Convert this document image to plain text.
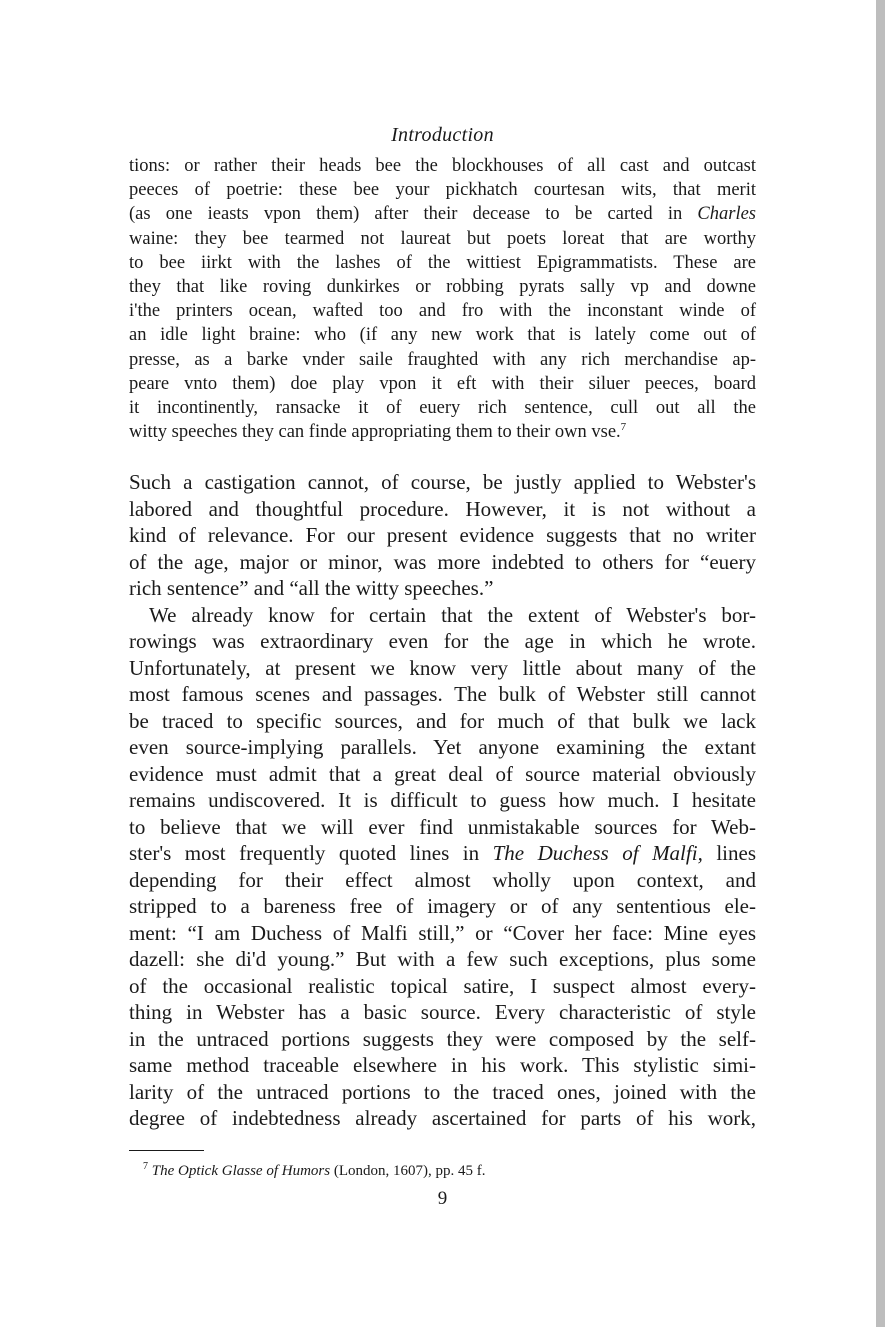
Introduction
tions: or rather their heads bee the blockhouses of all cast and outcast
peeces of poetrie: these bee your pickhatch courtesan wits, that merit
(as one ieasts vpon them) after their decease to be carted in Charles
waine: they bee tearmed not laureat but poets loreat that are worthy
to bee iirkt with the lashes of the wittiest Epigrammatists. These are
they that like roving dunkirkes or robbing pyrats sally vp and downe
i'the printers ocean, wafted too and fro with the inconstant winde of
an idle light braine: who (if any new work that is lately come out of
presse, as a barke vnder saile fraughted with any rich merchandise ap-
peare vnto them) doe play vpon it eft with their siluer peeces, board
it incontinently, ransacke it of euery rich sentence, cull out all the
witty speeches they can finde appropriating them to their own vse.$^7$
Such a castigation cannot, of course, be justly applied to Webster's
labored and thoughtful procedure. However, it is not without a
kind of relevance. For our present evidence suggests that no writer
of the age, major or minor, was more indebted to others for “euery
rich sentence” and “all the witty speeches.”
We already know for certain that the extent of Webster's bor-
rowings was extraordinary even for the age in which he wrote.
Unfortunately, at present we know very little about many of the
most famous scenes and passages. The bulk of Webster still cannot
be traced to specific sources, and for much of that bulk we lack
even source-implying parallels. Yet anyone examining the extant
evidence must admit that a great deal of source material obviously
remains undiscovered. It is difficult to guess how much. I hesitate
to believe that we will ever find unmistakable sources for Web-
ster's most frequently quoted lines in The Duchess of Malfi, lines
depending for their effect almost wholly upon context, and
stripped to a bareness free of imagery or of any sententious ele-
ment: “I am Duchess of Malfi still,” or “Cover her face: Mine eyes
dazell: she di'd young.” But with a few such exceptions, plus some
of the occasional realistic topical satire, I suspect almost every-
thing in Webster has a basic source. Every characteristic of style
in the untraced portions suggests they were composed by the self-
same method traceable elsewhere in his work. This stylistic simi-
larity of the untraced portions to the traced ones, joined with the
degree of indebtedness already ascertained for parts of his work,
$^7$ The Optick Glasse of Humors (London, 1607), pp. 45 f.
9
